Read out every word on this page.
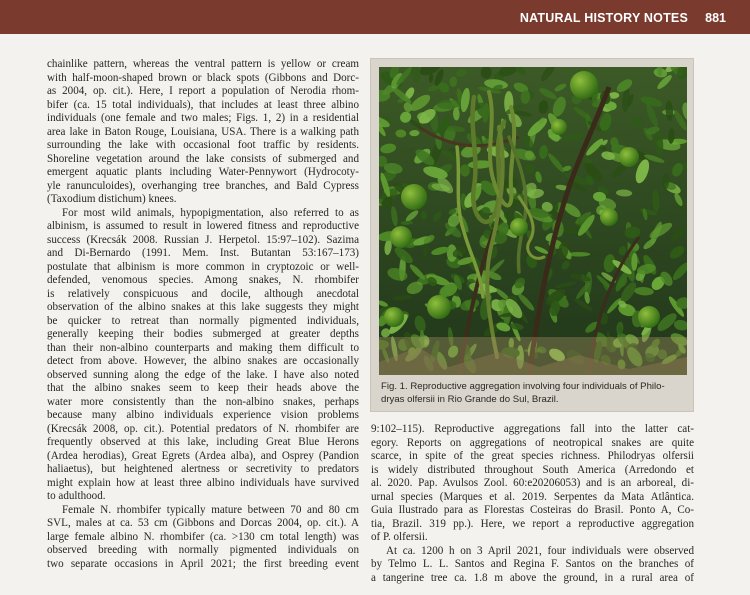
NATURAL HISTORY NOTES 881

chainlike pattern, whereas the ventral pattern is yellow or cream

with half-moon-shaped brown or black spots (Gibbons and Dorc-

as 2004, op. cit.). Here, I report a population of Nerodia rhom-

bifer (ca. 15 total individuals), that includes at least three albino

individuals (one female and two males; Figs. 1, 2) in a residential

area lake in Baton Rouge, Louisiana, USA. There is a walking path

surrounding the lake with occasional foot traffic by residents.

Shoreline vegetation around the lake consists of submerged and

emergent aquatic plants including Water-Pennywort (Hydrocoty-

yle ranunculoides), overhanging tree branches, and Bald Cypress

(Taxodium distichum) knees.

For most wild animals, hypopigmentation, also referred to as

albinism, is assumed to result in lowered fitness and reproductive

success (Krecsák 2008. Russian J. Herpetol. 15:97–102). Sazima

and Di-Bernardo (1991. Mem. Inst. Butantan 53:167–173)

postulate that albinism is more common in cryptozoic or well-

defended, venomous species. Among snakes, N. rhombifer

is relatively conspicuous and docile, although anecdotal

observation of the albino snakes at this lake suggests they might

be quicker to retreat than normally pigmented individuals,

generally keeping their bodies submerged at greater depths

than their non-albino counterparts and making them difficult to

detect from above. However, the albino snakes are occasionally

observed sunning along the edge of the lake. I have also noted

that the albino snakes seem to keep their heads above the

water more consistently than the non-albino snakes, perhaps

because many albino individuals experience vision problems

(Krecsák 2008, op. cit.). Potential predators of N. rhombifer are

frequently observed at this lake, including Great Blue Herons

(Ardea herodias), Great Egrets (Ardea alba), and Osprey (Pandion

haliaetus), but heightened alertness or secretivity to predators

might explain how at least three albino individuals have survived

to adulthood.

Female N. rhombifer typically mature between 70 and 80 cm

SVL, males at ca. 53 cm (Gibbons and Dorcas 2004, op. cit.). A

large female albino N. rhombifer (ca. >130 cm total length) was

observed breeding with normally pigmented individuals on

two separate occasions in April 2021; the first breeding event

Fig. 1. Reproductive aggregation involving four individuals of Philo-
dryas olfersii in Rio Grande do Sul, Brazil.

9:102–115). Reproductive aggregations fall into the latter cat-

egory. Reports on aggregations of neotropical snakes are quite

scarce, in spite of the great species richness. Philodryas olfersii

is widely distributed throughout South America (Arredondo et

al. 2020. Pap. Avulsos Zool. 60:e20206053) and is an arboreal, di-

urnal species (Marques et al. 2019. Serpentes da Mata Atlântica.

Guia Ilustrado para as Florestas Costeiras do Brasil. Ponto A, Co-

tia, Brazil. 319 pp.). Here, we report a reproductive aggregation

of P. olfersii.

At ca. 1200 h on 3 April 2021, four individuals were observed

by Telmo L. L. Santos and Regina F. Santos on the branches of

a tangerine tree ca. 1.8 m above the ground, in a rural area of
